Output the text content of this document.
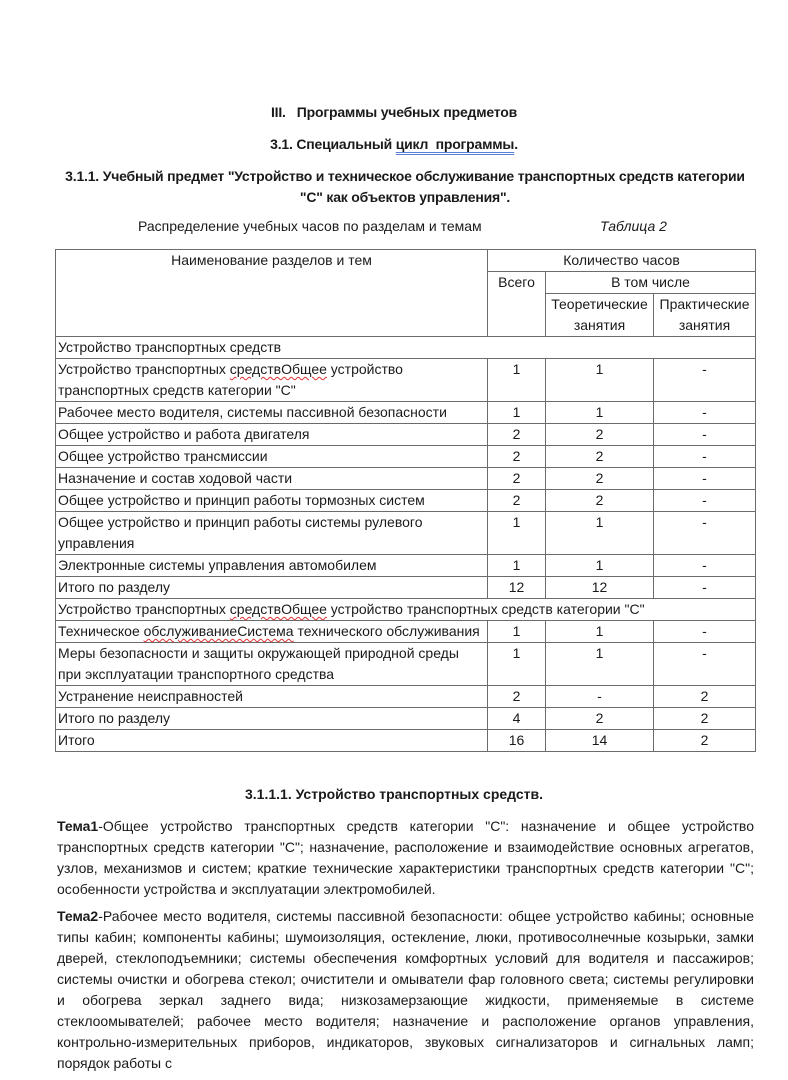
III.   Программы учебных предметов
3.1. Специальный цикл  программы.
3.1.1. Учебный предмет "Устройство и техническое обслуживание транспортных средств категории "С" как объектов управления".
Распределение учебных часов по разделам и темам	Таблица 2
Наименование разделов и тем	Количество часов		
	Всего	В том числе	
		Теоретические занятия	Практические занятия

Устройство транспортных средств			
Устройство транспортных средствОбщее устройство транспортных средств категории "С"	1	1	-
Рабочее место водителя, системы пассивной безопасности	1	1	-
Общее устройство и работа двигателя	2	2	-
Общее устройство трансмиссии	2	2	-
Назначение и состав ходовой части	2	2	-
Общее устройство и принцип работы тормозных систем	2	2	-
Общее устройство и принцип работы системы рулевого управления	1	1	-
Электронные системы управления автомобилем	1	1	-
Итого по разделу	12	12	-
Устройство транспортных средствОбщее устройство транспортных средств категории "С"			
Техническое обслуживаниеСистема технического обслуживания	1	1	-
Меры безопасности и защиты окружающей природной среды при эксплуатации транспортного средства	1	1	-
Устранение неисправностей	2	-	2
Итого по разделу	4	2	2
Итого	16	14	2
3.1.1.1. Устройство транспортных средств.
Тема1-Общее устройство транспортных средств категории "С": назначение и общее устройство транспортных средств категории "С"; назначение, расположение и взаимодействие основных агрегатов, узлов, механизмов и систем; краткие технические характеристики транспортных средств категории "С"; особенности устройства и эксплуатации электромобилей.
Тема2-Рабочее место водителя, системы пассивной безопасности: общее устройство кабины; основные типы кабин; компоненты кабины; шумоизоляция, остекление, люки, противосолнечные козырьки, замки дверей, стеклоподъемники; системы обеспечения комфортных условий для водителя и пассажиров; системы очистки и обогрева стекол; очистители и омыватели фар головного света; системы регулировки и обогрева зеркал заднего вида; низкозамерзающие жидкости, применяемые в системе стеклоомывателей; рабочее место водителя; назначение и расположение органов управления, контрольно-измерительных приборов, индикаторов, звуковых сигнализаторов и сигнальных ламп; порядок работы с
